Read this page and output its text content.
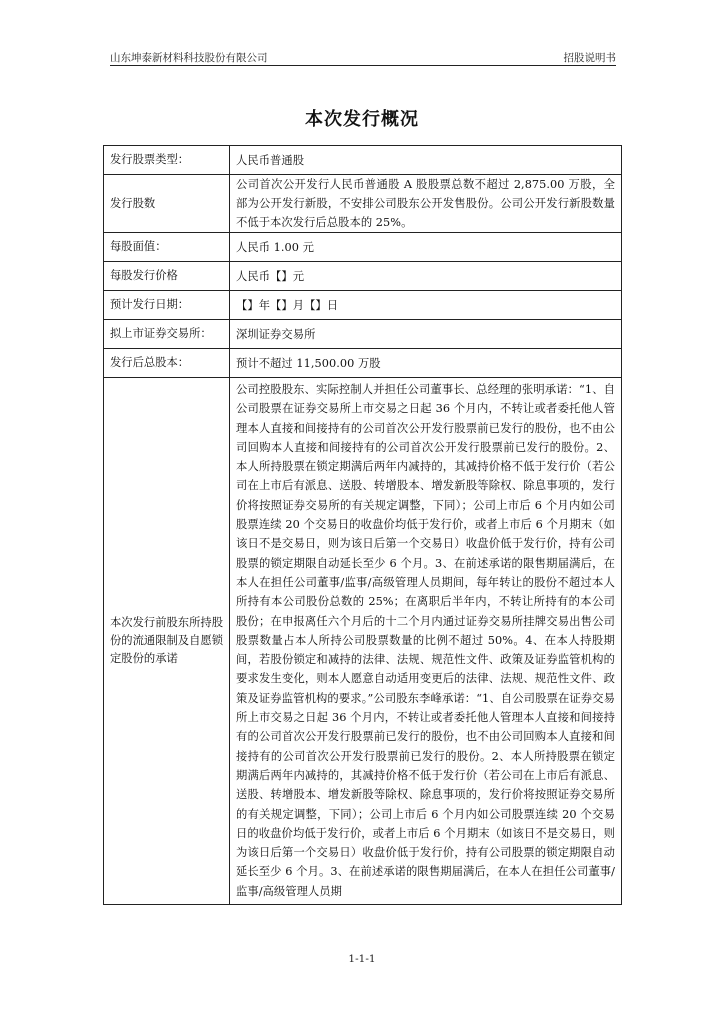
山东坤泰新材料科技股份有限公司	招股说明书
本次发行概况
发行股票类型：	人民币普通股
发行股数	公司首次公开发行人民币普通股 A 股股票总数不超过 2,875.00 万股，全部为公开发行新股，不安排公司股东公开发售股份。公司公开发行新股数量不低于本次发行后总股本的 25%。
每股面值：	人民币 1.00 元
每股发行价格	人民币【】元
预计发行日期：	【】年【】月【】日
拟上市证券交易所：	深圳证券交易所
发行后总股本：	预计不超过 11,500.00 万股
本次发行前股东所持股份的流通限制及自愿锁定股份的承诺	公司控股股东、实际控制人并担任公司董事长、总经理的张明承诺：“1、自公司股票在证券交易所上市交易之日起 36 个月内，不转让或者委托他人管理本人直接和间接持有的公司首次公开发行股票前已发行的股份，也不由公司回购本人直接和间接持有的公司首次公开发行股票前已发行的股份。2、本人所持股票在锁定期满后两年内减持的，其减持价格不低于发行价（若公司在上市后有派息、送股、转增股本、增发新股等除权、除息事项的，发行价将按照证券交易所的有关规定调整，下同）；公司上市后 6 个月内如公司股票连续 20 个交易日的收盘价均低于发行价，或者上市后 6 个月期末（如该日不是交易日，则为该日后第一个交易日）收盘价低于发行价，持有公司股票的锁定期限自动延长至少 6 个月。3、在前述承诺的限售期届满后，在本人在担任公司董事/监事/高级管理人员期间，每年转让的股份不超过本人所持有本公司股份总数的 25%；在离职后半年内，不转让所持有的本公司股份；在申报离任六个月后的十二个月内通过证券交易所挂牌交易出售公司股票数量占本人所持公司股票数量的比例不超过 50%。4、在本人持股期间，若股份锁定和减持的法律、法规、规范性文件、政策及证券监管机构的要求发生变化，则本人愿意自动适用变更后的法律、法规、规范性文件、政策及证券监管机构的要求。”公司股东李峰承诺：“1、自公司股票在证券交易所上市交易之日起 36 个月内，不转让或者委托他人管理本人直接和间接持有的公司首次公开发行股票前已发行的股份，也不由公司回购本人直接和间接持有的公司首次公开发行股票前已发行的股份。2、本人所持股票在锁定期满后两年内减持的，其减持价格不低于发行价（若公司在上市后有派息、送股、转增股本、增发新股等除权、除息事项的，发行价将按照证券交易所的有关规定调整，下同）；公司上市后 6 个月内如公司股票连续 20 个交易日的收盘价均低于发行价，或者上市后 6 个月期末（如该日不是交易日，则为该日后第一个交易日）收盘价低于发行价，持有公司股票的锁定期限自动延长至少 6 个月。3、在前述承诺的限售期届满后，在本人在担任公司董事/监事/高级管理人员期
1-1-1
